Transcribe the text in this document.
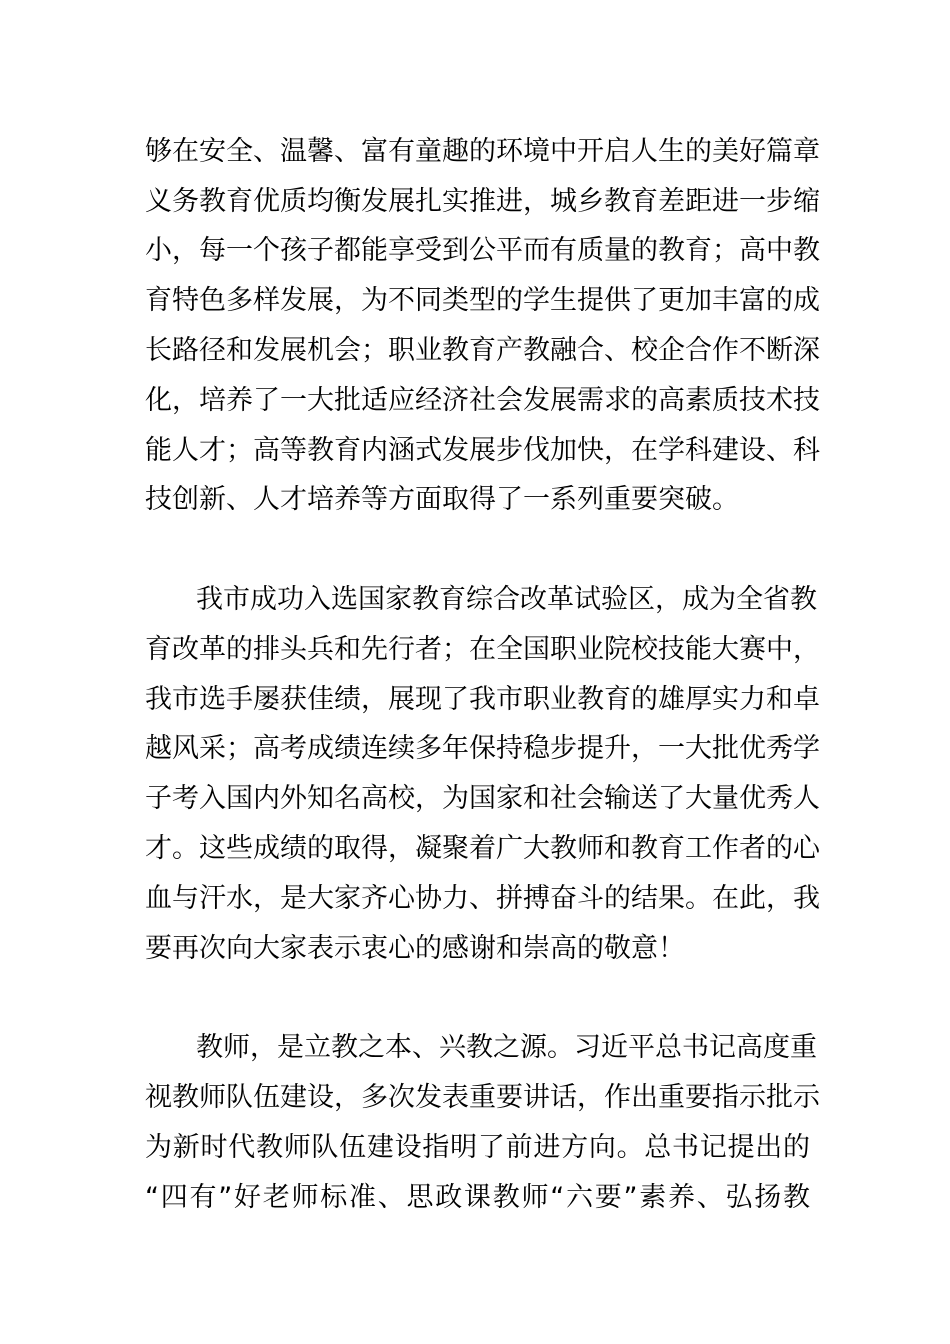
够在安全、温馨、富有童趣的环境中开启人生的美好篇章
义务教育优质均衡发展扎实推进，城乡教育差距进一步缩
小，每一个孩子都能享受到公平而有质量的教育；高中教
育特色多样发展，为不同类型的学生提供了更加丰富的成
长路径和发展机会；职业教育产教融合、校企合作不断深
化，培养了一大批适应经济社会发展需求的高素质技术技
能人才；高等教育内涵式发展步伐加快，在学科建设、科
技创新、人才培养等方面取得了一系列重要突破。
我市成功入选国家教育综合改革试验区，成为全省教
育改革的排头兵和先行者；在全国职业院校技能大赛中，
我市选手屡获佳绩，展现了我市职业教育的雄厚实力和卓
越风采；高考成绩连续多年保持稳步提升，一大批优秀学
子考入国内外知名高校，为国家和社会输送了大量优秀人
才。这些成绩的取得，凝聚着广大教师和教育工作者的心
血与汗水，是大家齐心协力、拼搏奋斗的结果。在此，我
要再次向大家表示衷心的感谢和崇高的敬意！
教师，是立教之本、兴教之源。习近平总书记高度重
视教师队伍建设，多次发表重要讲话，作出重要指示批示
为新时代教师队伍建设指明了前进方向。总书记提出的
“四有”好老师标准、思政课教师“六要”素养、弘扬教
